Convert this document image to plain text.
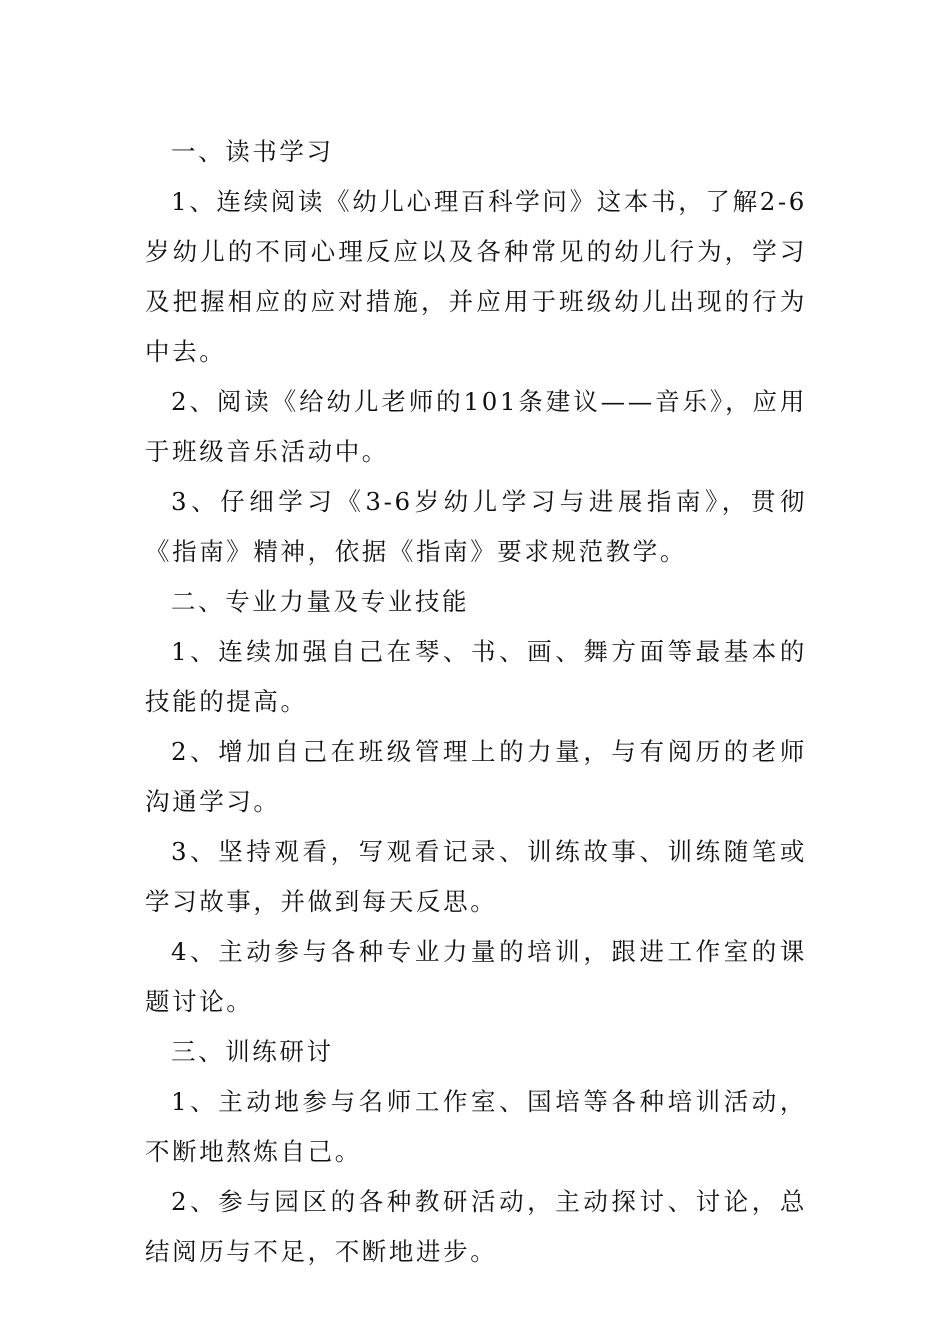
一、读书学习

1、连续阅读《幼儿心理百科学问》这本书，了解2-6岁幼儿的不同心理反应以及各种常见的幼儿行为，学习及把握相应的应对措施，并应用于班级幼儿出现的行为中去。

2、阅读《给幼儿老师的101条建议——音乐》，应用于班级音乐活动中。

3、仔细学习《3-6岁幼儿学习与进展指南》，贯彻《指南》精神，依据《指南》要求规范教学。

二、专业力量及专业技能

1、连续加强自己在琴、书、画、舞方面等最基本的技能的提高。

2、增加自己在班级管理上的力量，与有阅历的老师沟通学习。

3、坚持观看，写观看记录、训练故事、训练随笔或学习故事，并做到每天反思。

4、主动参与各种专业力量的培训，跟进工作室的课题讨论。

三、训练研讨

1、主动地参与名师工作室、国培等各种培训活动，不断地熬炼自己。

2、参与园区的各种教研活动，主动探讨、讨论，总结阅历与不足，不断地进步。
